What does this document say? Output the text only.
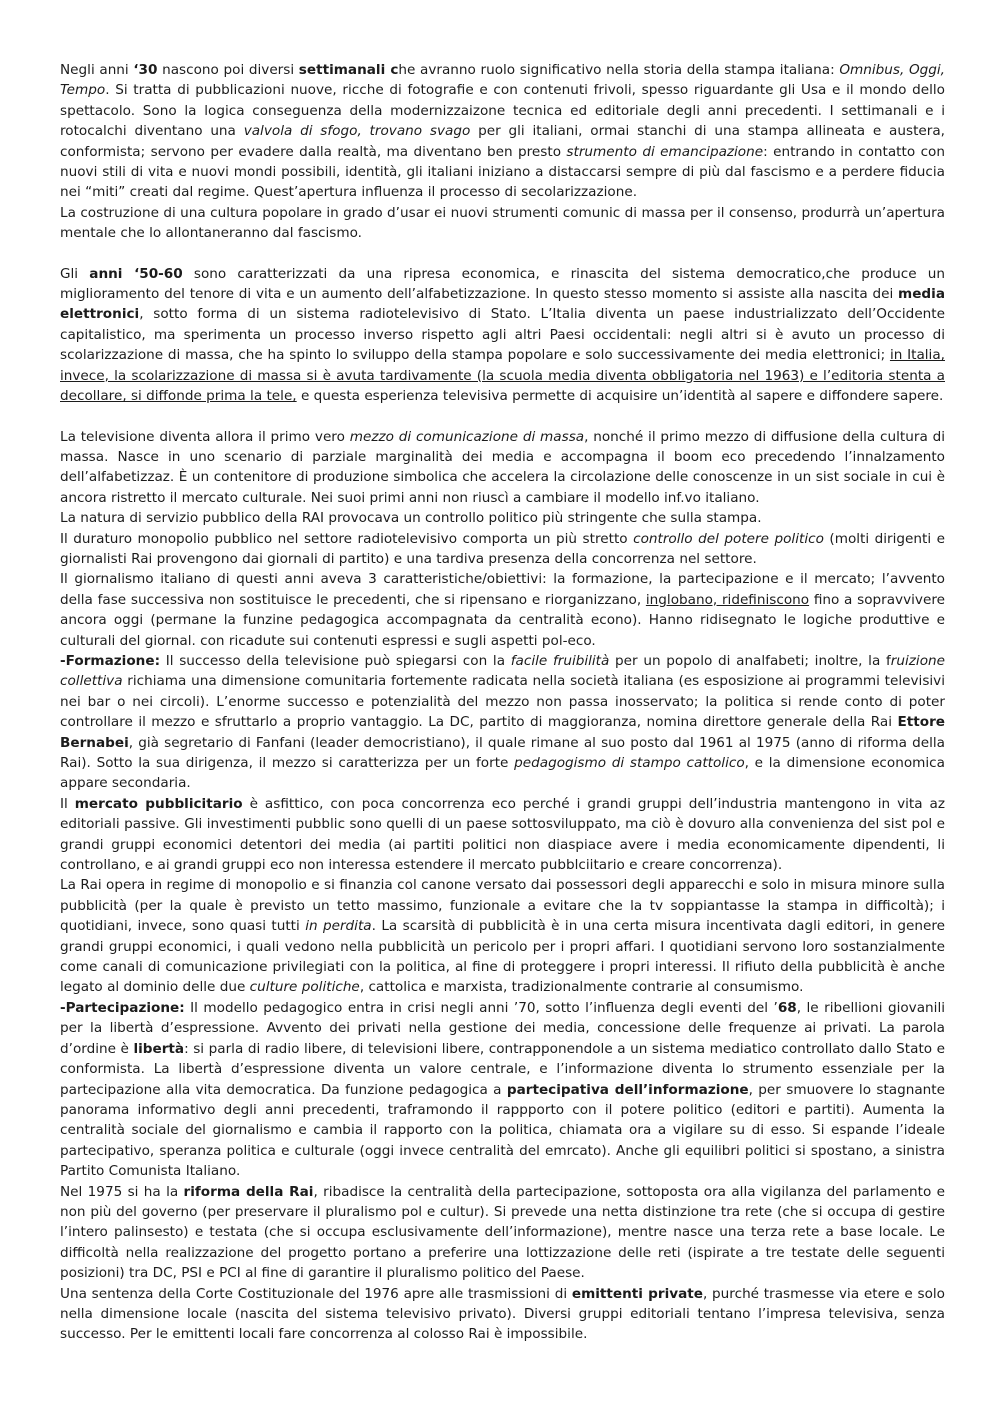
Negli anni ‘30 nascono poi diversi settimanali che avranno ruolo significativo nella storia della stampa italiana: Omnibus, Oggi, Tempo. Si tratta di pubblicazioni nuove, ricche di fotografie e con contenuti frivoli, spesso riguardante gli Usa e il mondo dello spettacolo. Sono la logica conseguenza della modernizzaizone tecnica ed editoriale degli anni precedenti. I settimanali e i rotocalchi diventano una valvola di sfogo, trovano svago per gli italiani, ormai stanchi di una stampa allineata e austera, conformista; servono per evadere dalla realtà, ma diventano ben presto strumento di emancipazione: entrando in contatto con nuovi stili di vita e nuovi mondi possibili, identità, gli italiani iniziano a distaccarsi sempre di più dal fascismo e a perdere fiducia nei “miti” creati dal regime. Quest’apertura influenza il processo di secolarizzazione.

La costruzione di una cultura popolare in grado d’usar ei nuovi strumenti comunic di massa per il consenso, produrrà un’apertura mentale che lo allontaneranno dal fascismo.

Gli anni ‘50-60 sono caratterizzati da una ripresa economica, e rinascita del sistema democratico,che produce un miglioramento del tenore di vita e un aumento dell’alfabetizzazione. In questo stesso momento si assiste alla nascita dei media elettronici, sotto forma di un sistema radiotelevisivo di Stato. L’Italia diventa un paese industrializzato dell’Occidente capitalistico, ma sperimenta un processo inverso rispetto agli altri Paesi occidentali: negli altri si è avuto un processo di scolarizzazione di massa, che ha spinto lo sviluppo della stampa popolare e solo successivamente dei media elettronici; in Italia, invece, la scolarizzazione di massa si è avuta tardivamente (la scuola media diventa obbligatoria nel 1963) e l’editoria stenta a decollare, si diffonde prima la tele, e questa esperienza televisiva permette di acquisire un’identità al sapere e diffondere sapere.

La televisione diventa allora il primo vero mezzo di comunicazione di massa, nonché il primo mezzo di diffusione della cultura di massa. Nasce in uno scenario di parziale marginalità dei media e accompagna il boom eco precedendo l’innalzamento dell’alfabetizzaz. È un contenitore di produzione simbolica che accelera la circolazione delle conoscenze in un sist sociale in cui è ancora ristretto il mercato culturale. Nei suoi primi anni non riuscì a cambiare il modello inf.vo italiano.

La natura di servizio pubblico della RAI provocava un controllo politico più stringente che sulla stampa.

Il duraturo monopolio pubblico nel settore radiotelevisivo comporta un più stretto controllo del potere politico (molti dirigenti e giornalisti Rai provengono dai giornali di partito) e una tardiva presenza della concorrenza nel settore.

Il giornalismo italiano di questi anni aveva 3 caratteristiche/obiettivi: la formazione, la partecipazione e il mercato; l’avvento della fase successiva non sostituisce le precedenti, che si ripensano e riorganizzano, inglobano, ridefiniscono fino a sopravvivere ancora oggi (permane la funzine pedagogica accompagnata da centralità econo). Hanno ridisegnato le logiche produttive e culturali del giornal. con ricadute sui contenuti espressi e sugli aspetti pol-eco.

-Formazione: Il successo della televisione può spiegarsi con la facile fruibilità per un popolo di analfabeti; inoltre, la fruizione collettiva richiama una dimensione comunitaria fortemente radicata nella società italiana (es esposizione ai programmi televisivi nei bar o nei circoli). L’enorme successo e potenzialità del mezzo non passa inosservato; la politica si rende conto di poter controllare il mezzo e sfruttarlo a proprio vantaggio. La DC, partito di maggioranza, nomina direttore generale della Rai Ettore Bernabei, già segretario di Fanfani (leader democristiano), il quale rimane al suo posto dal 1961 al 1975 (anno di riforma della Rai). Sotto la sua dirigenza, il mezzo si caratterizza per un forte pedagogismo di stampo cattolico, e la dimensione economica appare secondaria.

Il mercato pubblicitario è asfittico, con poca concorrenza eco perché i grandi gruppi dell’industria mantengono in vita az editoriali passive. Gli investimenti pubblic sono quelli di un paese sottosviluppato, ma ciò è dovuro alla convenienza del sist pol e grandi gruppi economici detentori dei media (ai partiti politici non diaspiace avere i media economicamente dipendenti, li controllano, e ai grandi gruppi eco non interessa estendere il mercato pubblciitario e creare concorrenza).

La Rai opera in regime di monopolio e si finanzia col canone versato dai possessori degli apparecchi e solo in misura minore sulla pubblicità (per la quale è previsto un tetto massimo, funzionale a evitare che la tv soppiantasse la stampa in difficoltà); i quotidiani, invece, sono quasi tutti in perdita. La scarsità di pubblicità è in una certa misura incentivata dagli editori, in genere grandi gruppi economici, i quali vedono nella pubblicità un pericolo per i propri affari. I quotidiani servono loro sostanzialmente come canali di comunicazione privilegiati con la politica, al fine di proteggere i propri interessi. Il rifiuto della pubblicità è anche legato al dominio delle due culture politiche, cattolica e marxista, tradizionalmente contrarie al consumismo.

-Partecipazione: Il modello pedagogico entra in crisi negli anni ’70, sotto l’influenza degli eventi del ’68, le ribellioni giovanili per la libertà d’espressione. Avvento dei privati nella gestione dei media, concessione delle frequenze ai privati. La parola d’ordine è libertà: si parla di radio libere, di televisioni libere, contrapponendole a un sistema mediatico controllato dallo Stato e conformista. La libertà d’espressione diventa un valore centrale, e l’informazione diventa lo strumento essenziale per la partecipazione alla vita democratica. Da funzione pedagogica a partecipativa dell’informazione, per smuovere lo stagnante panorama informativo degli anni precedenti, traframondo il rappporto con il potere politico (editori e partiti). Aumenta la centralità sociale del giornalismo e cambia il rapporto con la politica, chiamata ora a vigilare su di esso. Si espande l’ideale partecipativo, speranza politica e culturale (oggi invece centralità del emrcato). Anche gli equilibri politici si spostano, a sinistra Partito Comunista Italiano.

Nel 1975 si ha la riforma della Rai, ribadisce la centralità della partecipazione, sottoposta ora alla vigilanza del parlamento e non più del governo (per preservare il pluralismo pol e cultur). Si prevede una netta distinzione tra rete (che si occupa di gestire l’intero palinsesto) e testata (che si occupa esclusivamente dell’informazione), mentre nasce una terza rete a base locale. Le difficoltà nella realizzazione del progetto portano a preferire una lottizzazione delle reti (ispirate a tre testate delle seguenti posizioni) tra DC, PSI e PCI al fine di garantire il pluralismo politico del Paese.

Una sentenza della Corte Costituzionale del 1976 apre alle trasmissioni di emittenti private, purché trasmesse via etere e solo nella dimensione locale (nascita del sistema televisivo privato). Diversi gruppi editoriali tentano l’impresa televisiva, senza successo. Per le emittenti locali fare concorrenza al colosso Rai è impossibile.
